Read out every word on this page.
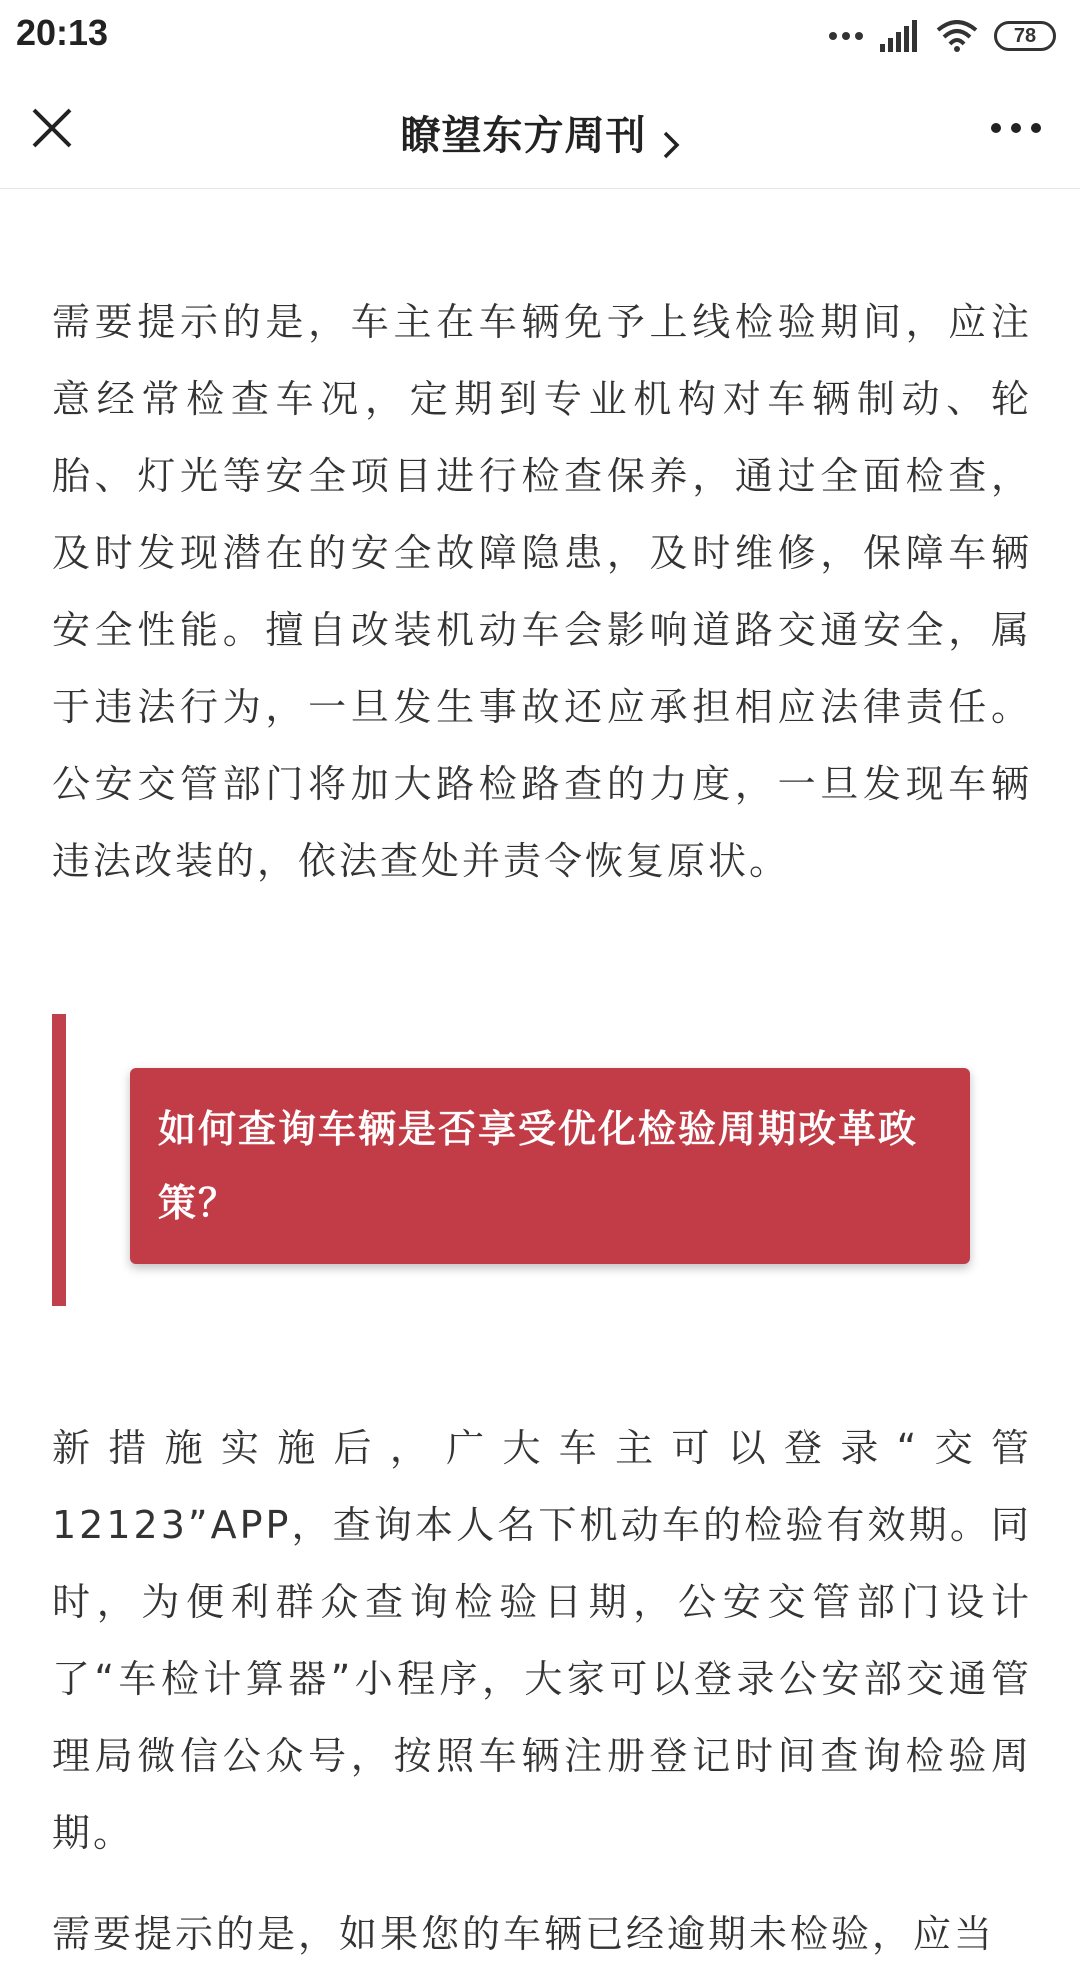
20:13	78
瞭望东方周刊

需要提示的是，车主在车辆免予上线检验期间，应注意经常检查车况，定期到专业机构对车辆制动、轮胎、灯光等安全项目进行检查保养，通过全面检查，及时发现潜在的安全故障隐患，及时维修，保障车辆安全性能。擅自改装机动车会影响道路交通安全，属于违法行为，一旦发生事故还应承担相应法律责任。公安交管部门将加大路检路查的力度，一旦发现车辆违法改装的，依法查处并责令恢复原状。

如何查询车辆是否享受优化检验周期改革政策？

新措施实施后，广大车主可以登录“交管12123”APP，查询本人名下机动车的检验有效期。同时，为便利群众查询检验日期，公安交管部门设计了“车检计算器”小程序，大家可以登录公安部交通管理局微信公众号，按照车辆注册登记时间查询检验周期。

需要提示的是，如果您的车辆已经逾期未检验，应当
